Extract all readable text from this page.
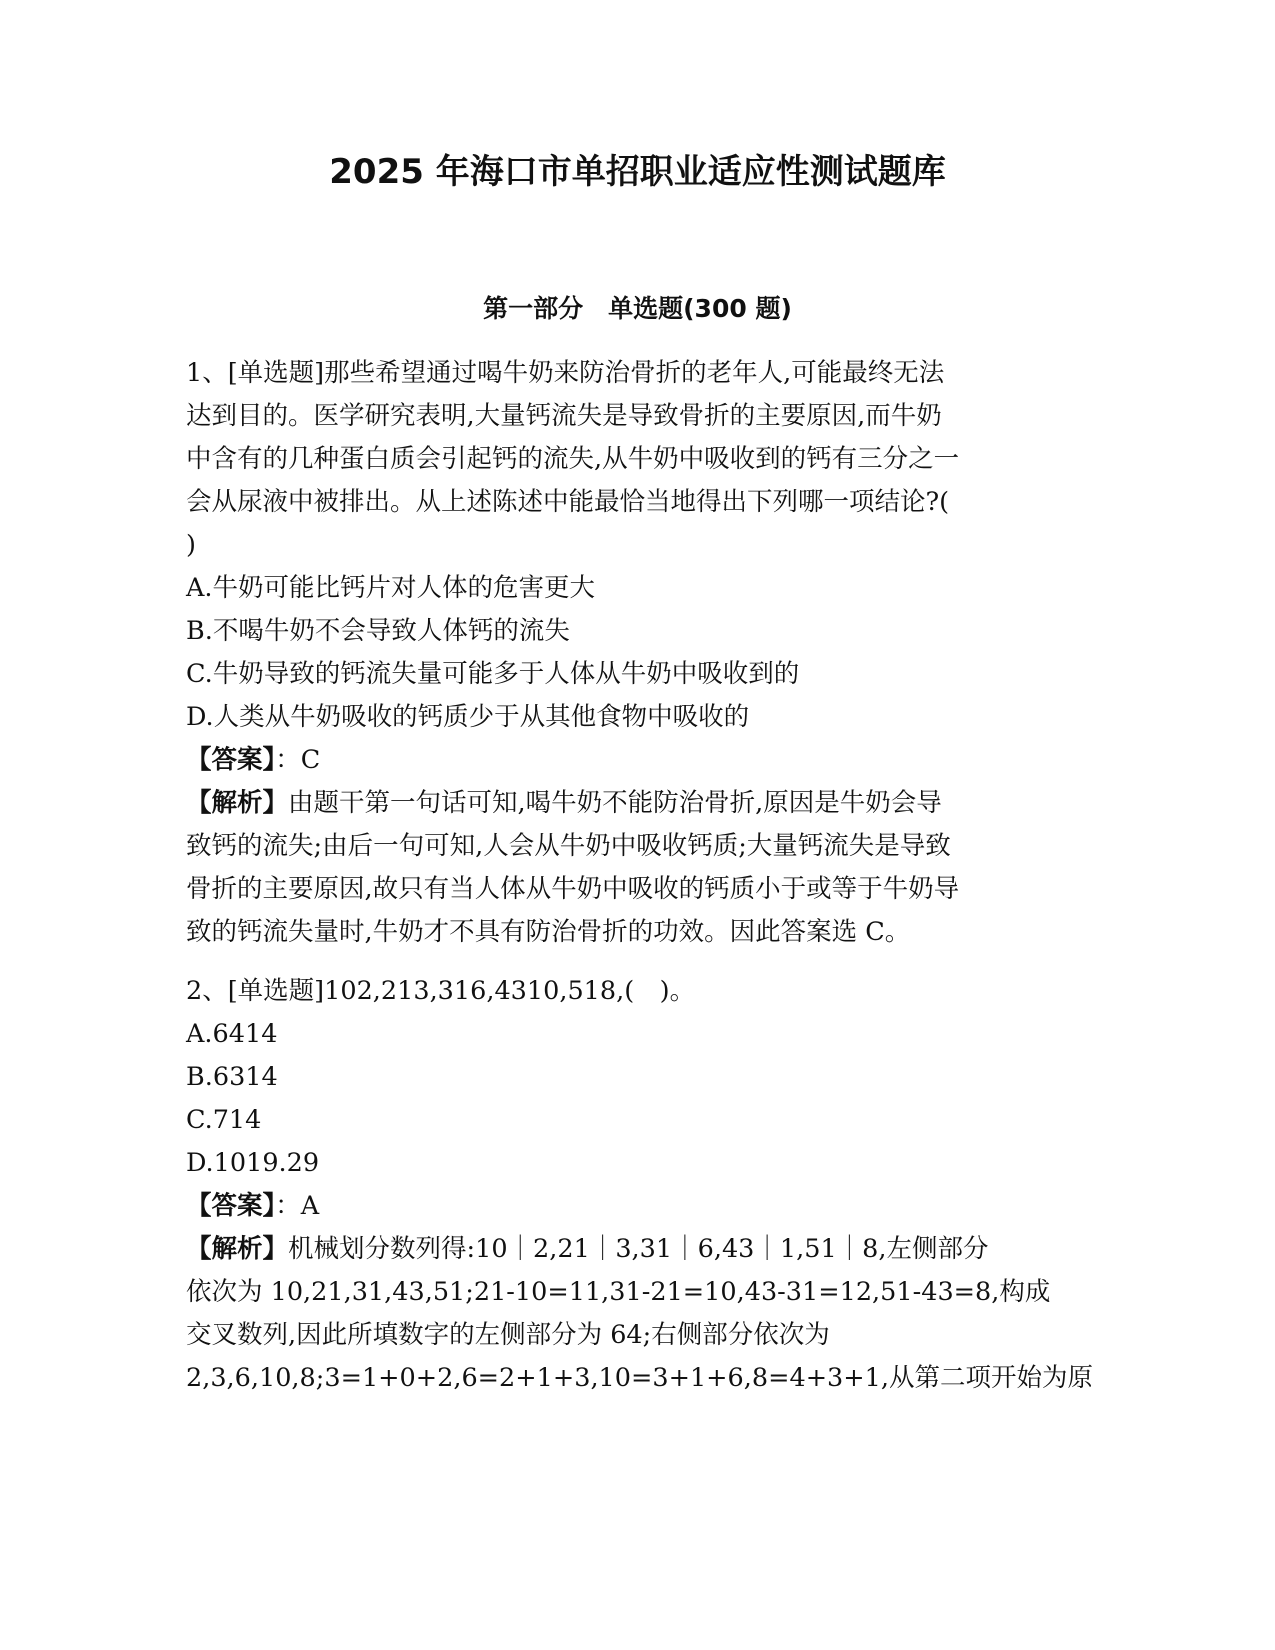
2025 年海口市单招职业适应性测试题库
第一部分　单选题(300 题)
1、[单选题]那些希望通过喝牛奶来防治骨折的老年人,可能最终无法
达到目的。医学研究表明,大量钙流失是导致骨折的主要原因,而牛奶
中含有的几种蛋白质会引起钙的流失,从牛奶中吸收到的钙有三分之一
会从尿液中被排出。从上述陈述中能最恰当地得出下列哪一项结论?(
)
A.牛奶可能比钙片对人体的危害更大
B.不喝牛奶不会导致人体钙的流失
C.牛奶导致的钙流失量可能多于人体从牛奶中吸收到的
D.人类从牛奶吸收的钙质少于从其他食物中吸收的
【答案】：C
【解析】由题干第一句话可知,喝牛奶不能防治骨折,原因是牛奶会导
致钙的流失;由后一句可知,人会从牛奶中吸收钙质;大量钙流失是导致
骨折的主要原因,故只有当人体从牛奶中吸收的钙质小于或等于牛奶导
致的钙流失量时,牛奶才不具有防治骨折的功效。因此答案选 C。
2、[单选题]102,213,316,4310,518,(　)。
A.6414
B.6314
C.714
D.1019.29
【答案】：A
【解析】机械划分数列得:10｜2,21｜3,31｜6,43｜1,51｜8,左侧部分
依次为 10,21,31,43,51;21-10=11,31-21=10,43-31=12,51-43=8,构成
交叉数列,因此所填数字的左侧部分为 64;右侧部分依次为
2,3,6,10,8;3=1+0+2,6=2+1+3,10=3+1+6,8=4+3+1,从第二项开始为原
